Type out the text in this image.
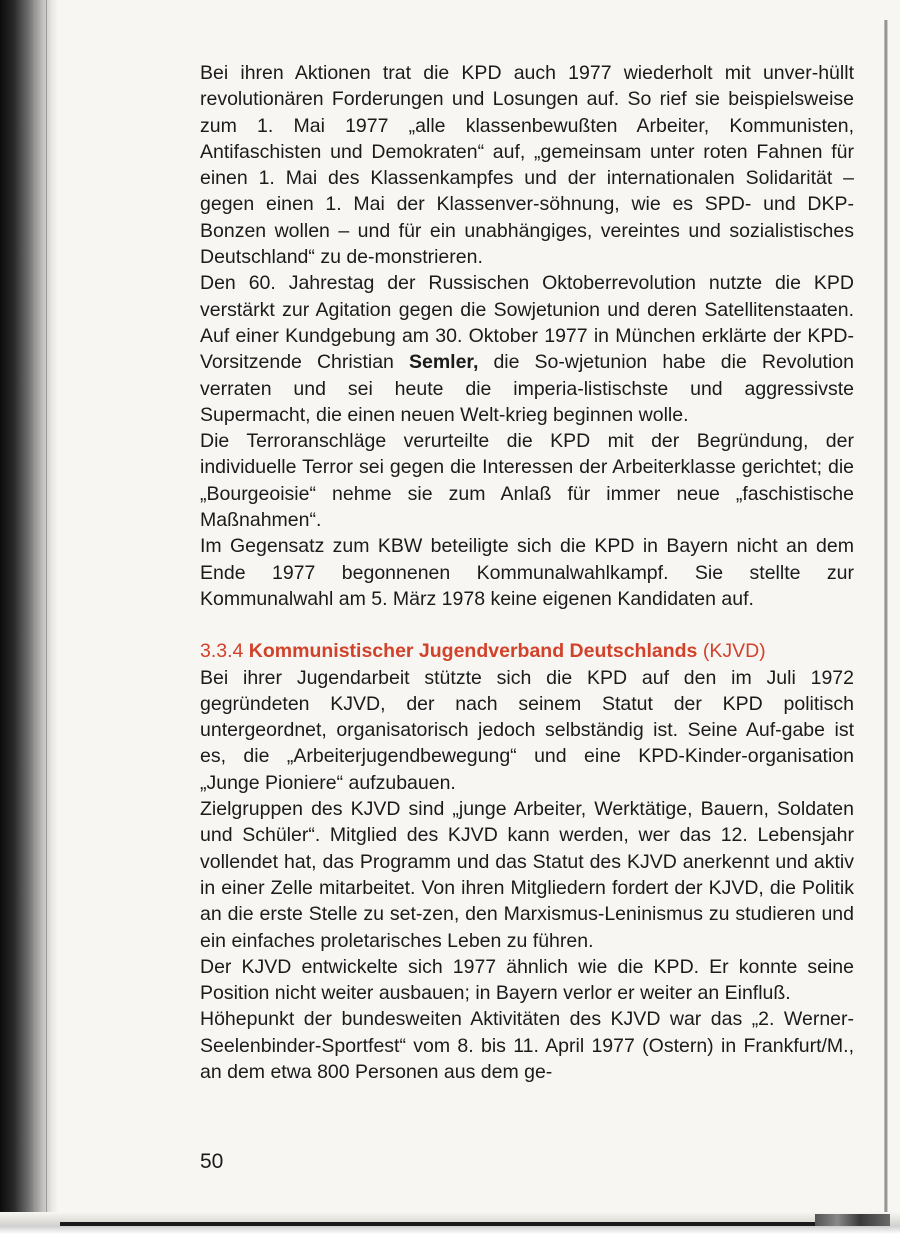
Bei ihren Aktionen trat die KPD auch 1977 wiederholt mit unver-hüllt revolutionären Forderungen und Losungen auf. So rief sie beispielsweise zum 1. Mai 1977 „alle klassenbewußten Arbeiter, Kommunisten, Antifaschisten und Demokraten“ auf, „gemeinsam unter roten Fahnen für einen 1. Mai des Klassenkampfes und der internationalen Solidarität – gegen einen 1. Mai der Klassenver-söhnung, wie es SPD- und DKP-Bonzen wollen – und für ein unabhängiges, vereintes und sozialistisches Deutschland“ zu de-monstrieren.

Den 60. Jahrestag der Russischen Oktoberrevolution nutzte die KPD verstärkt zur Agitation gegen die Sowjetunion und deren Satellitenstaaten. Auf einer Kundgebung am 30. Oktober 1977 in München erklärte der KPD-Vorsitzende Christian Semler, die So-wjetunion habe die Revolution verraten und sei heute die imperia-listischste und aggressivste Supermacht, die einen neuen Welt-krieg beginnen wolle.

Die Terroranschläge verurteilte die KPD mit der Begründung, der individuelle Terror sei gegen die Interessen der Arbeiterklasse gerichtet; die „Bourgeoisie“ nehme sie zum Anlaß für immer neue „faschistische Maßnahmen“.

Im Gegensatz zum KBW beteiligte sich die KPD in Bayern nicht an dem Ende 1977 begonnenen Kommunalwahlkampf. Sie stellte zur Kommunalwahl am 5. März 1978 keine eigenen Kandidaten auf.

3.3.4 Kommunistischer Jugendverband Deutschlands (KJVD)

Bei ihrer Jugendarbeit stützte sich die KPD auf den im Juli 1972 gegründeten KJVD, der nach seinem Statut der KPD politisch untergeordnet, organisatorisch jedoch selbständig ist. Seine Auf-gabe ist es, die „Arbeiterjugendbewegung“ und eine KPD-Kinder-organisation „Junge Pioniere“ aufzubauen.

Zielgruppen des KJVD sind „junge Arbeiter, Werktätige, Bauern, Soldaten und Schüler“. Mitglied des KJVD kann werden, wer das 12. Lebensjahr vollendet hat, das Programm und das Statut des KJVD anerkennt und aktiv in einer Zelle mitarbeitet. Von ihren Mitgliedern fordert der KJVD, die Politik an die erste Stelle zu set-zen, den Marxismus-Leninismus zu studieren und ein einfaches proletarisches Leben zu führen.

Der KJVD entwickelte sich 1977 ähnlich wie die KPD. Er konnte seine Position nicht weiter ausbauen; in Bayern verlor er weiter an Einfluß.

Höhepunkt der bundesweiten Aktivitäten des KJVD war das „2. Werner-Seelenbinder-Sportfest“ vom 8. bis 11. April 1977 (Ostern) in Frankfurt/M., an dem etwa 800 Personen aus dem ge-

50
